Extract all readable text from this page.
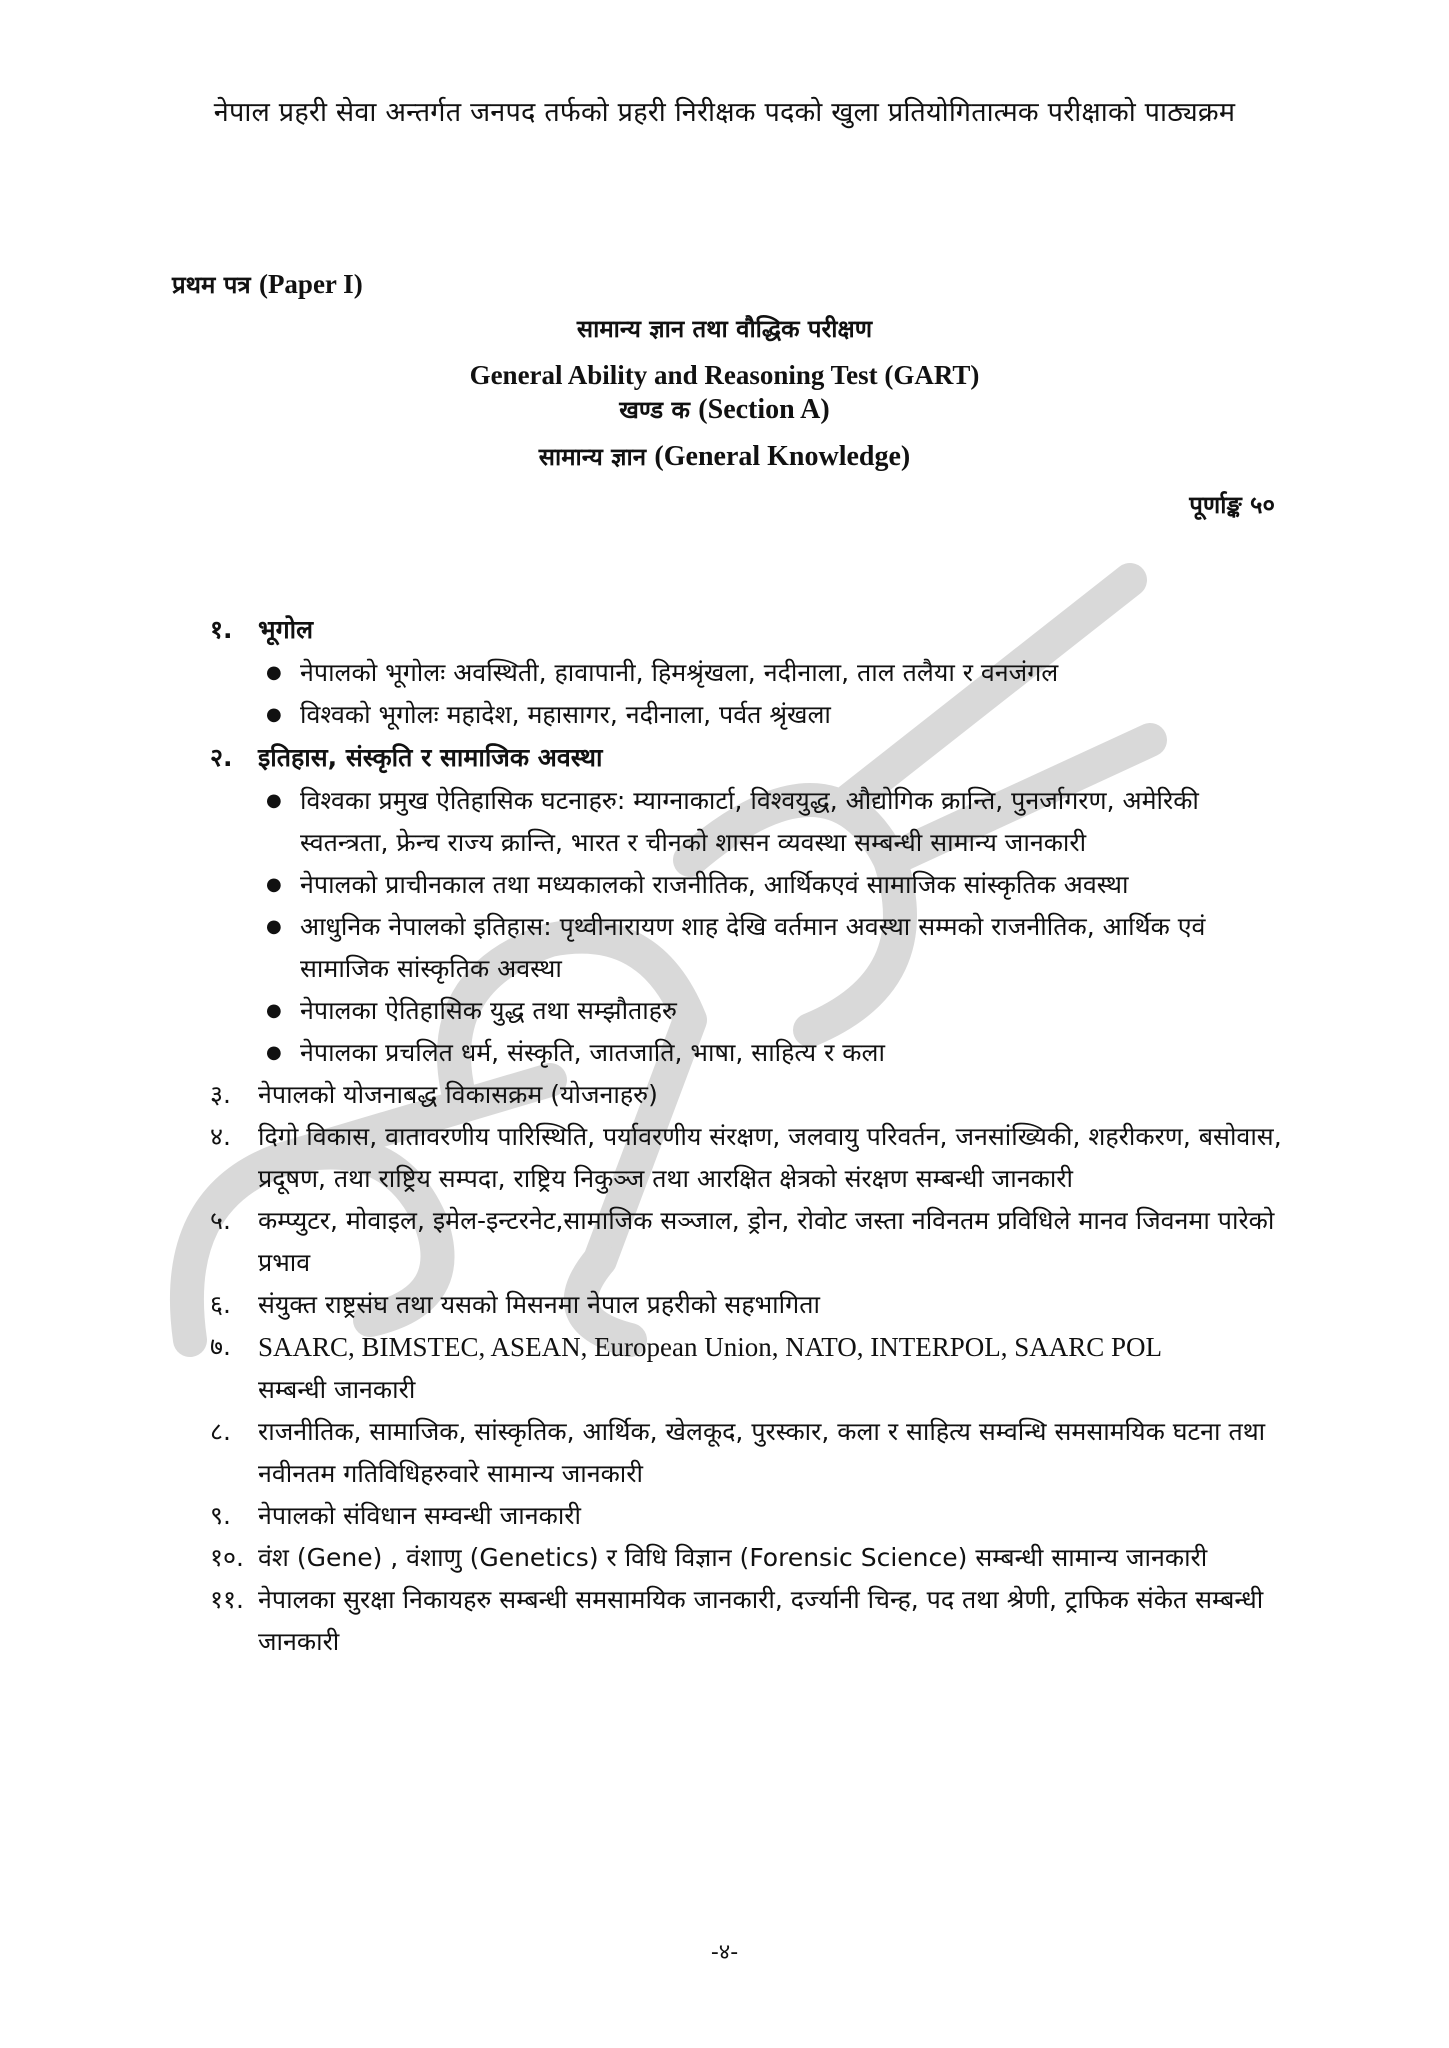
नेपाल प्रहरी सेवा अन्तर्गत जनपद तर्फको प्रहरी निरीक्षक पदको खुला प्रतियोगितात्मक परीक्षाको पाठ्यक्रम
प्रथम पत्र (Paper I)
सामान्य ज्ञान तथा वौद्धिक परीक्षण
General Ability and Reasoning Test (GART)
खण्ड क (Section A)
सामान्य ज्ञान (General Knowledge)
पूर्णाङ्क ५०
१.	भूगोल
● नेपालको भूगोलः अवस्थिती, हावापानी, हिमश्रृंखला, नदीनाला, ताल तलैया र वनजंगल
● विश्वको भूगोलः महादेश, महासागर, नदीनाला, पर्वत श्रृंखला
२.	इतिहास, संस्कृति र सामाजिक अवस्था
● विश्वका प्रमुख ऐतिहासिक घटनाहरु: म्याग्नाकार्टा, विश्वयुद्ध, औद्योगिक क्रान्ति, पुनर्जागरण, अमेरिकी स्वतन्त्रता, फ्रेन्च राज्य क्रान्ति, भारत र चीनको शासन व्यवस्था सम्बन्धी सामान्य जानकारी
● नेपालको प्राचीनकाल तथा मध्यकालको राजनीतिक, आर्थिकएवं सामाजिक सांस्कृतिक अवस्था
● आधुनिक नेपालको इतिहास: पृथ्वीनारायण शाह देखि वर्तमान अवस्था सम्मको राजनीतिक, आर्थिक एवं सामाजिक सांस्कृतिक अवस्था
● नेपालका ऐतिहासिक युद्ध तथा सम्झौताहरु
● नेपालका प्रचलित धर्म, संस्कृति, जातजाति, भाषा, साहित्य र कला
३.	नेपालको योजनाबद्ध विकासक्रम (योजनाहरु)
४.	दिगो विकास, वातावरणीय पारिस्थिति, पर्यावरणीय संरक्षण, जलवायु परिवर्तन, जनसांख्यिकी, शहरीकरण, बसोवास, प्रदूषण, तथा राष्ट्रिय सम्पदा, राष्ट्रिय निकुञ्ज तथा आरक्षित क्षेत्रको संरक्षण सम्बन्धी जानकारी
५.	कम्प्युटर, मोवाइल, इमेल-इन्टरनेट,सामाजिक सञ्जाल, ड्रोन, रोवोट जस्ता नविनतम प्रविधिले मानव जिवनमा पारेको प्रभाव
६.	संयुक्त राष्ट्रसंघ तथा यसको मिसनमा नेपाल प्रहरीको सहभागिता
७.	SAARC, BIMSTEC, ASEAN, European Union, NATO, INTERPOL, SAARC POL
सम्बन्धी जानकारी
८.	राजनीतिक, सामाजिक, सांस्कृतिक, आर्थिक, खेलकूद, पुरस्कार, कला र साहित्य सम्वन्धि समसामयिक घटना तथा नवीनतम गतिविधिहरुवारे सामान्य जानकारी
९.	नेपालको संविधान सम्वन्धी जानकारी
१०. वंश (Gene) , वंशाणु (Genetics) र विधि विज्ञान (Forensic Science) सम्बन्धी सामान्य जानकारी
११. नेपालका सुरक्षा निकायहरु सम्बन्धी समसामयिक जानकारी, दर्ज्यानी चिन्ह, पद तथा श्रेणी, ट्राफिक संकेत सम्बन्धी जानकारी
-४-
